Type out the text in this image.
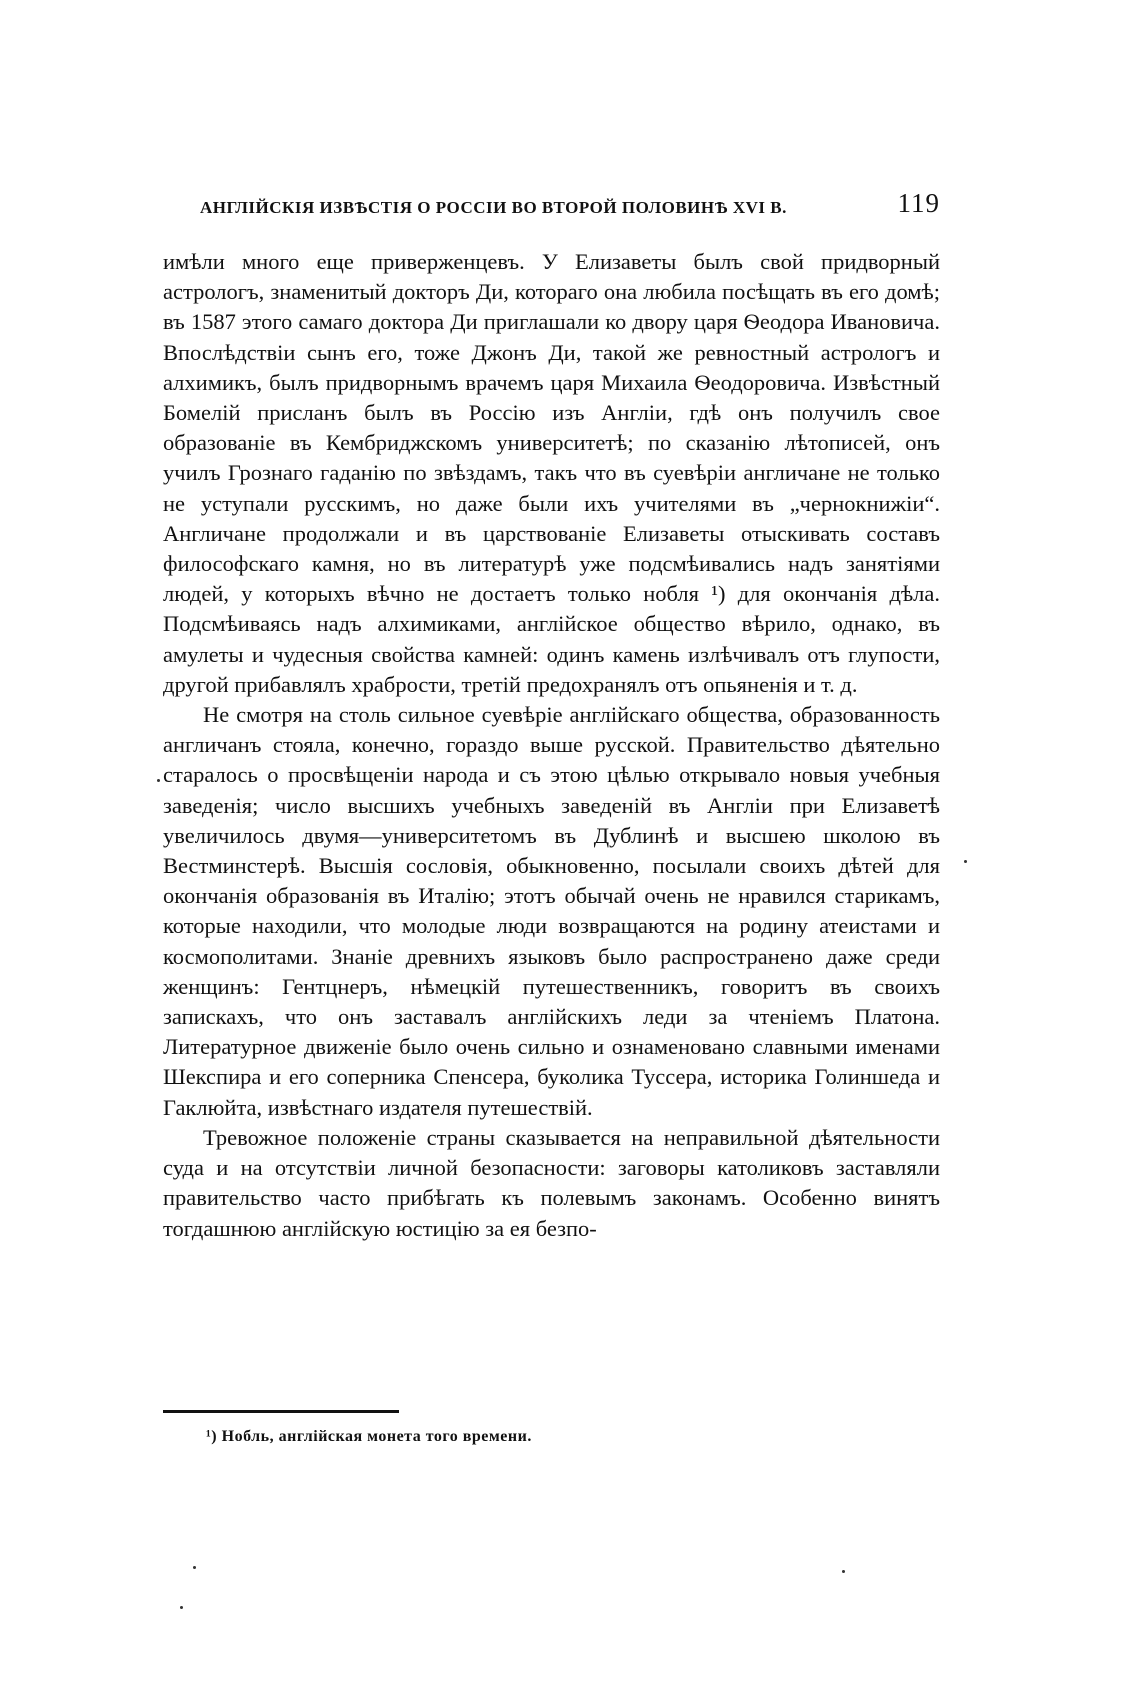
АНГЛІЙСКІЯ ИЗВѢСТІЯ О РОССІИ ВО ВТОРОЙ ПОЛОВИНѢ XVI В.	119

имѣли много еще приверженцевъ. У Елизаветы былъ свой придворный астрологъ, знаменитый докторъ Ди, котораго она любила посѣщать въ его домѣ; въ 1587 этого самаго доктора Ди приглашали ко двору царя Ѳеодора Ивановича. Впослѣдствіи сынъ его, тоже Джонъ Ди, такой же ревностный астрологъ и алхимикъ, былъ придворнымъ врачемъ царя Михаила Ѳеодоровича. Извѣстный Бомелій присланъ былъ въ Россію изъ Англіи, гдѣ онъ получилъ свое образованіе въ Кембриджскомъ университетѣ; по сказанію лѣтописей, онъ училъ Грознаго гаданію по звѣздамъ, такъ что въ суевѣріи англичане не только не уступали русскимъ, но даже были ихъ учителями въ „чернокнижіи“. Англичане продолжали и въ царствованіе Елизаветы отыскивать составъ философскаго камня, но въ литературѣ уже подсмѣивались надъ занятіями людей, у которыхъ вѣчно не достаетъ только нобля ¹) для окончанія дѣла. Подсмѣиваясь надъ алхимиками, англійское общество вѣрило, однако, въ амулеты и чудесныя свойства камней: одинъ камень излѣчивалъ отъ глупости, другой прибавлялъ храбрости, третій предохранялъ отъ опьяненія и т. д.

Не смотря на столь сильное суевѣріе англійскаго общества, образованность англичанъ стояла, конечно, гораздо выше русской. Правительство дѣятельно старалось о просвѣщеніи народа и съ этою цѣлью открывало новыя учебныя заведенія; число высшихъ учебныхъ заведеній въ Англіи при Елизаветѣ увеличилось двумя—университетомъ въ Дублинѣ и высшею школою въ Вестминстерѣ. Высшія сословія, обыкновенно, посылали своихъ дѣтей для окончанія образованія въ Италію; этотъ обычай очень не нравился старикамъ, которые находили, что молодые люди возвращаются на родину атеистами и космополитами. Знаніе древнихъ языковъ было распространено даже среди женщинъ: Гентцнеръ, нѣмецкій путешественникъ, говоритъ въ своихъ запискахъ, что онъ заставалъ англійскихъ леди за чтеніемъ Платона. Литературное движеніе было очень сильно и ознаменовано славными именами Шекспира и его соперника Спенсера, буколика Туссера, историка Голиншеда и Гаклюйта, извѣстнаго издателя путешествій.

Тревожное положеніе страны сказывается на неправильной дѣятельности суда и на отсутствіи личной безопасности: заговоры католиковъ заставляли правительство часто прибѣгать къ полевымъ законамъ. Особенно винятъ тогдашнюю англійскую юстицію за ея безпо-

¹) Нобль, англійская монета того времени.
